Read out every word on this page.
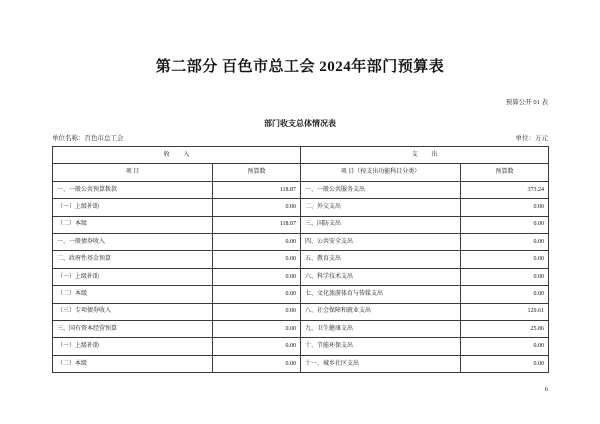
第二部分 百色市总工会 2024年部门预算表
预算公开 01 表
部门收支总体情况表
单位名称：百色市总工会	单位：万元
收 入		支 出	
项 目	预算数	项 目（按支出功能科目分类）	预算数
一、一般公共预算拨款	118.87	一、一般公共服务支出	373.24
（一）上级补助	0.00	二、外交支出	0.00
（二）本级	118.87	三、国防支出	0.00
一、一般债券收入	0.00	四、公共安全支出	0.00
二、政府性基金预算	0.00	五、教育支出	0.00
（一）上级补助	0.00	六、科学技术支出	0.00
（二）本级	0.00	七、文化旅游体育与传媒支出	0.00
（三）专项债券收入	0.00	八、社会保障和就业支出	129.61
三、国有资本经营预算	0.00	九、卫生健康支出	25.86
（一）上级补助	0.00	十、节能环保支出	0.00
（二）本级	0.00	十一、城乡社区支出	0.00
6
